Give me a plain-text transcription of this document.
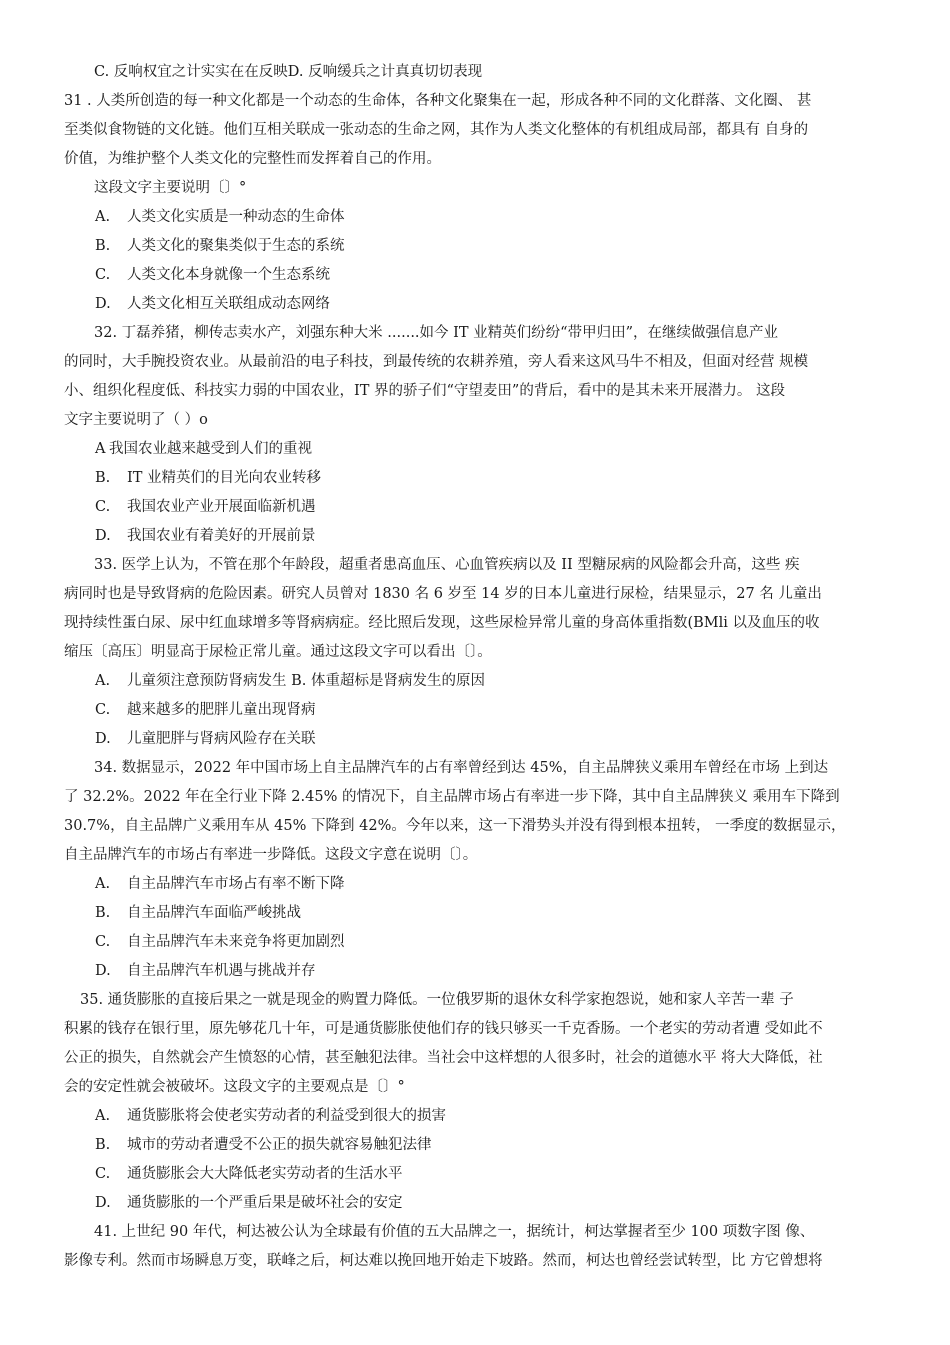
C. 反响权宜之计实实在在反映D. 反响缓兵之计真真切切表现
31 . 人类所创造的每一种文化都是一个动态的生命体，各种文化聚集在一起，形成各种不同的文化群落、文化圈、 甚
至类似食物链的文化链。他们互相关联成一张动态的生命之网，其作为人类文化整体的有机组成局部，都具有 自身的
价值，为维护整个人类文化的完整性而发挥着自己的作用。
这段文字主要说明〔〕°
A. 人类文化实质是一种动态的生命体
B. 人类文化的聚集类似于生态的系统
C. 人类文化本身就像一个生态系统
D. 人类文化相互关联组成动态网络
32. 丁磊养猪，柳传志卖水产，刘强东种大米 .......如今 IT 业精英们纷纷“带甲归田”，在继续做强信息产业
的同时，大手腕投资农业。从最前沿的电子科技，到最传统的农耕养殖，旁人看来这风马牛不相及，但面对经营 规模
小、组织化程度低、科技实力弱的中国农业，IT 界的骄子们“守望麦田”的背后，看中的是其未来开展潜力。 这段
文字主要说明了（ ）o
A 我国农业越来越受到人们的重视
B. IT 业精英们的目光向农业转移
C. 我国农业产业开展面临新机遇
D. 我国农业有着美好的开展前景
33. 医学上认为，不管在那个年龄段，超重者患高血压、心血管疾病以及 II 型糖尿病的风险都会升高，这些 疾
病同时也是导致肾病的危险因素。研究人员曾对 1830 名 6 岁至 14 岁的日本儿童进行尿检，结果显示，27 名 儿童出
现持续性蛋白尿、尿中红血球增多等肾病病症。经比照后发现，这些尿检异常儿童的身高体重指数(BMli 以及血压的收
缩压〔高压〕明显高于尿检正常儿童。通过这段文字可以看出〔〕。
A. 儿童须注意预防肾病发生 B. 体重超标是肾病发生的原因
C. 越来越多的肥胖儿童出现肾病
D. 儿童肥胖与肾病风险存在关联
34. 数据显示，2022 年中国市场上自主品牌汽车的占有率曾经到达 45%，自主品牌狭义乘用车曾经在市场 上到达
了 32.2%。2022 年在全行业下降 2.45% 的情况下，自主品牌市场占有率进一步下降，其中自主品牌狭义 乘用车下降到
30.7%，自主品牌广义乘用车从 45% 下降到 42%。今年以来，这一下滑势头并没有得到根本扭转， 一季度的数据显示，
自主品牌汽车的市场占有率进一步降低。这段文字意在说明〔〕。
A. 自主品牌汽车市场占有率不断下降
B. 自主品牌汽车面临严峻挑战
C. 自主品牌汽车未来竞争将更加剧烈
D. 自主品牌汽车机遇与挑战并存
35. 通货膨胀的直接后果之一就是现金的购置力降低。一位俄罗斯的退休女科学家抱怨说，她和家人辛苦一辈 子
积累的钱存在银行里，原先够花几十年，可是通货膨胀使他们存的钱只够买一千克香肠。一个老实的劳动者遭 受如此不
公正的损失，自然就会产生愤怒的心情，甚至触犯法律。当社会中这样想的人很多时，社会的道德水平 将大大降低，社
会的安定性就会被破坏。这段文字的主要观点是〔〕°
A. 通货膨胀将会使老实劳动者的利益受到很大的损害
B. 城市的劳动者遭受不公正的损失就容易触犯法律
C. 通货膨胀会大大降低老实劳动者的生活水平
D. 通货膨胀的一个严重后果是破坏社会的安定
41. 上世纪 90 年代，柯达被公认为全球最有价值的五大品牌之一，据统计，柯达掌握者至少 100 项数字图 像、
影像专利。然而市场瞬息万变，联峰之后，柯达难以挽回地开始走下坡路。然而，柯达也曾经尝试转型，比 方它曾想将
